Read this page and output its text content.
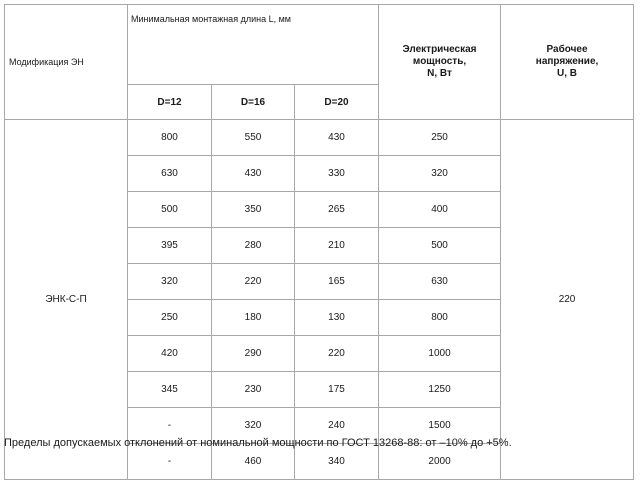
Модификация ЭН	Минимальная монтажная длина L, мм			Электрическая
мощность,
N, Вт	Рабочее
напряжение,
U, В
	D=12	D=16	D=20		
ЭНК-С-П	800	550	430	250	220
	630	430	330	320	
	500	350	265	400	
	395	280	210	500	
	320	220	165	630	
	250	180	130	800	
	420	290	220	1000	
	345	230	175	1250	
	-	320	240	1500	
	-	460	340	2000	
Пределы допускаемых отклонений от номинальной мощности по ГОСТ 13268-88: от –10% до +5%.
